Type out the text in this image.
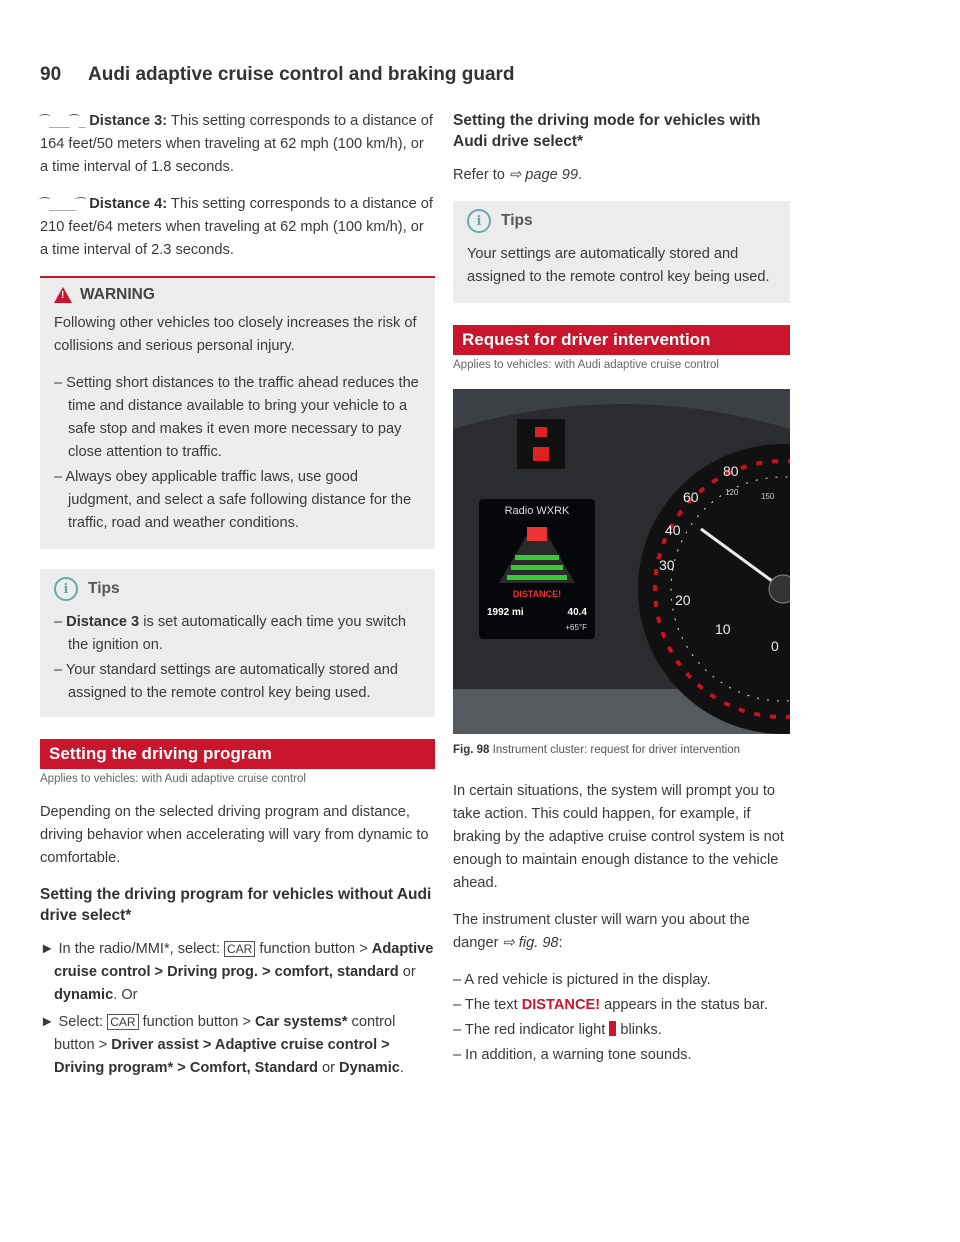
90 Audi adaptive cruise control and braking guard

⁀___⁀_ Distance 3: This setting corresponds to a distance of 164 feet/50 meters when traveling at 62 mph (100 km/h), or a time interval of 1.8 seconds.

⁀____⁀ Distance 4: This setting corresponds to a distance of 210 feet/64 meters when traveling at 62 mph (100 km/h), or a time interval of 2.3 seconds.

!
WARNING

Following other vehicles too closely increases the risk of collisions and serious personal injury.

– Setting short distances to the traffic ahead reduces the time and distance available to bring your vehicle to a safe stop and makes it even more necessary to pay close attention to traffic.
– Always obey applicable traffic laws, use good judgment, and select a safe following distance for the traffic, road and weather conditions.
i	Tips
– Distance 3 is set automatically each time you switch the ignition on.
– Your standard settings are automatically stored and assigned to the remote control key being used.
Setting the driving program
Applies to vehicles: with Audi adaptive cruise control

Depending on the selected driving program and distance, driving behavior when accelerating will vary from dynamic to comfortable.

Setting the driving program for vehicles without Audi drive select*
► In the radio/MMI*, select: CAR function button > Adaptive cruise control > Driving prog. > comfort, standard or dynamic. Or
► Select: CAR function button > Car systems* control button > Driver assist > Adaptive cruise control > Driving program* > Comfort, Standard or Dynamic.
Setting the driving mode for vehicles with Audi drive select*

Refer to ⇨ page 99.

i	Tips

Your settings are automatically stored and assigned to the remote control key being used.

Request for driver intervention
Applies to vehicles: with Audi adaptive cruise control
10
0
20
30
40
60
80
120	150
Radio WXRK
DISTANCE!
1992 mi	40.4
+65°F
Fig. 98 Instrument cluster: request for driver intervention

In certain situations, the system will prompt you to take action. This could happen, for example, if braking by the adaptive cruise control system is not enough to maintain enough distance to the vehicle ahead.

The instrument cluster will warn you about the danger ⇨ fig. 98:

– A red vehicle is pictured in the display.
– The text DISTANCE! appears in the status bar.
– The red indicator light blinks.
– In addition, a warning tone sounds.
